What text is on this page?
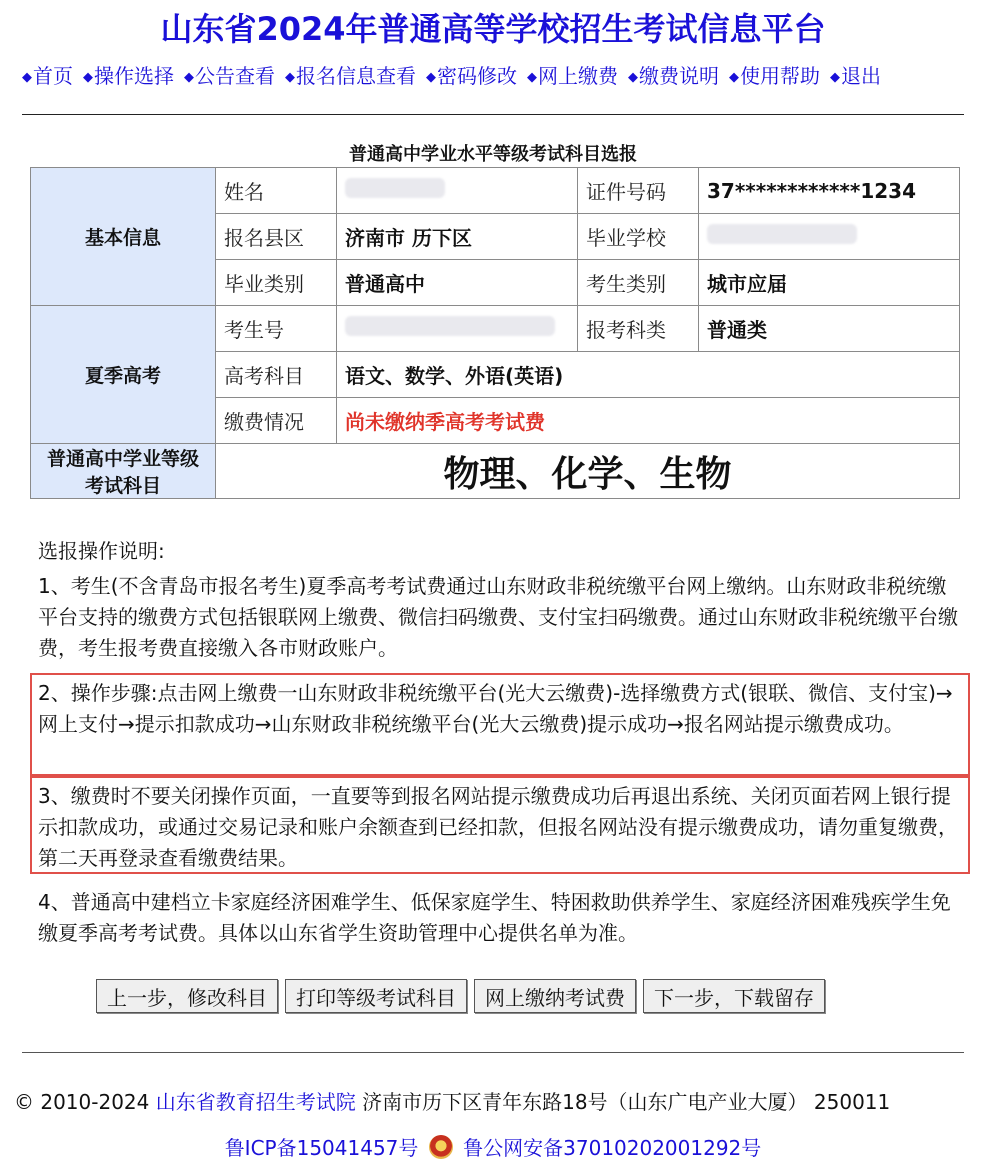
山东省2024年普通高等学校招生考试信息平台
◆首页 ◆操作选择 ◆公告查看 ◆报名信息查看 ◆密码修改 ◆网上缴费 ◆缴费说明 ◆使用帮助 ◆退出
普通高中学业水平等级考试科目选报
基本信息	姓名		证件号码	37************1234
	报名县区	济南市 历下区	毕业学校	
	毕业类别	普通高中	考生类别	城市应届
夏季高考	考生号		报考科类	普通类
	高考科目	语文、数学、外语(英语)		
	缴费情况	尚未缴纳季高考考试费		
普通高中学业等级考试科目	物理、化学、生物			
选报操作说明:
1、考生(不含青岛市报名考生)夏季高考考试费通过山东财政非税统缴平台网上缴纳。山东财政非税统缴平台支持的缴费方式包括银联网上缴费、微信扫码缴费、支付宝扫码缴费。通过山东财政非税统缴平台缴费，考生报考费直接缴入各市财政账户。
2、操作步骤:点击网上缴费一山东财政非税统缴平台(光大云缴费)-选择缴费方式(银联、微信、支付宝)→网上支付→提示扣款成功→山东财政非税统缴平台(光大云缴费)提示成功→报名网站提示缴费成功。
3、缴费时不要关闭操作页面，一直要等到报名网站提示缴费成功后再退出系统、关闭页面若网上银行提示扣款成功，或通过交易记录和账户余额查到已经扣款，但报名网站没有提示缴费成功，请勿重复缴费，第二天再登录查看缴费结果。
4、普通高中建档立卡家庭经济困难学生、低保家庭学生、特困救助供养学生、家庭经济困难残疾学生免缴夏季高考考试费。具体以山东省学生资助管理中心提供名单为准。
上一步，修改科目	打印等级考试科目	网上缴纳考试费	下一步，下载留存
© 2010-2024 山东省教育招生考试院 济南市历下区青年东路18号（山东广电产业大厦） 250011
鲁ICP备15041457号 鲁公网安备37010202001292号
